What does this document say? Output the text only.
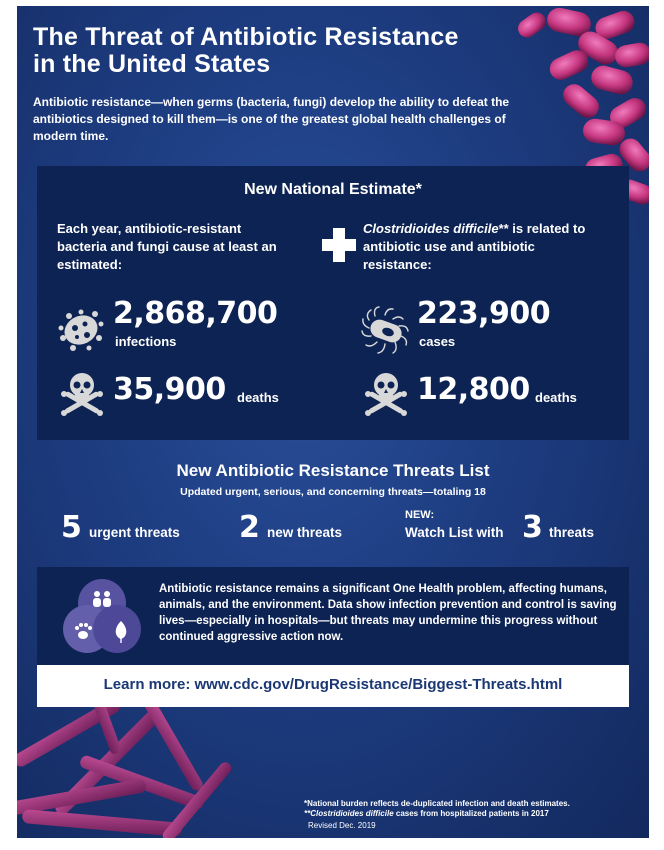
The Threat of Antibiotic Resistance
in the United States

Antibiotic resistance—when germs (bacteria, fungi) develop the ability to defeat the antibiotics designed to kill them—is one of the greatest global health challenges of modern time.

New National Estimate*
Each year, antibiotic-resistant bacteria and fungi cause at least an estimated:
Clostridioides difficile** is related to antibiotic use and antibiotic resistance:
2,868,700
infections
35,900 deaths
223,900
cases
12,800 deaths
New Antibiotic Resistance Threats List
Updated urgent, serious, and concerning threats—totaling 18
5 urgent threats 2 new threats
NEW:
Watch List with 3 threats

Antibiotic resistance remains a significant One Health problem, affecting humans, animals, and the environment. Data show infection prevention and control is saving lives—especially in hospitals—but threats may undermine this progress without continued aggressive action now.

Learn more: www.cdc.gov/DrugResistance/Biggest-Threats.html
*National burden reflects de-duplicated infection and death estimates.
**Clostridioides difficile cases from hospitalized patients in 2017
Revised Dec. 2019
